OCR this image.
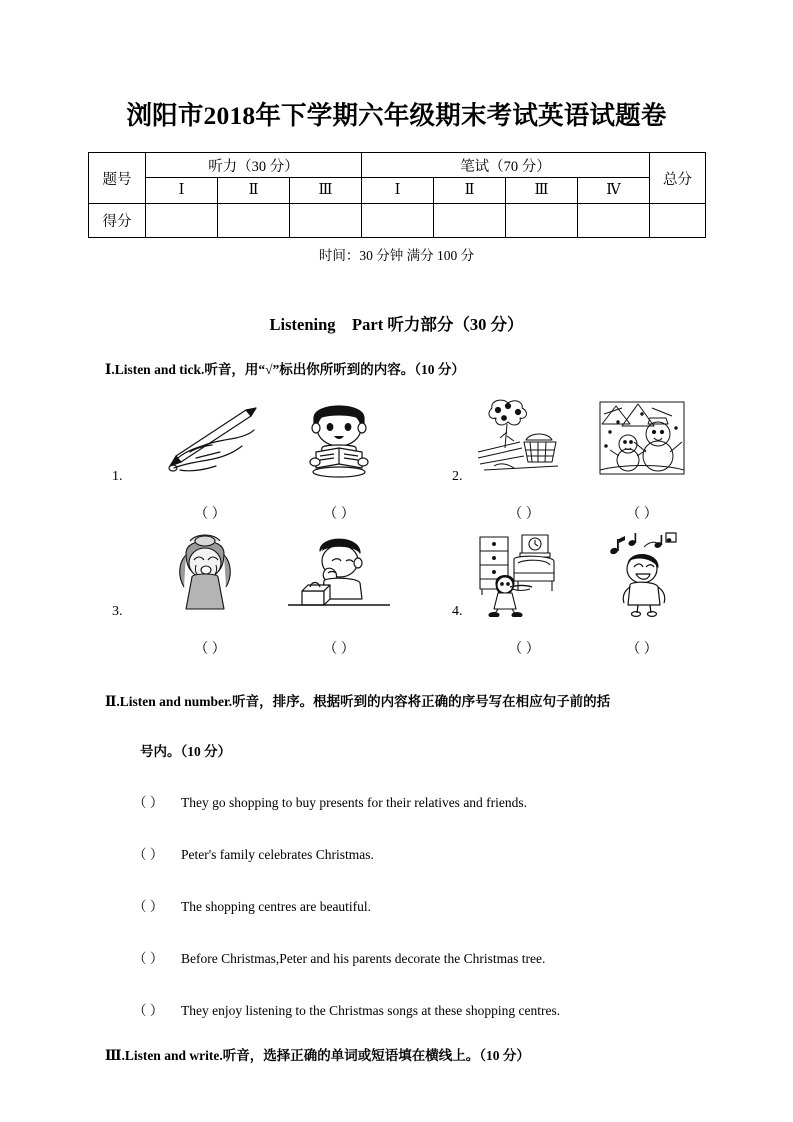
浏阳市2018年下学期六年级期末考试英语试题卷
题号	听力（30 分）			笔试（70 分）				总分
	Ⅰ	Ⅱ	Ⅲ	Ⅰ	Ⅱ	Ⅲ	Ⅳ	
得分								
时间：30 分钟 满分 100 分
Listening　Part 听力部分（30 分）
Ⅰ.Listen and tick.听音，用“√”标出你所听到的内容。（10 分）
1.
（ ）	（ ）
2.
（ ）	（ ）
3.
（ ）	（ ）
4.
（ ）	（ ）
Ⅱ.Listen and number.听音，排序。根据听到的内容将正确的序号写在相应句子前的括
号内。（10 分）
（ ） They go shopping to buy presents for their relatives and friends.
（ ） Peter's family celebrates Christmas.
（ ） The shopping centres are beautiful.
（ ） Before Christmas,Peter and his parents decorate the Christmas tree.
（ ） They enjoy listening to the Christmas songs at these shopping centres.
Ⅲ.Listen and write.听音，选择正确的单词或短语填在横线上。（10 分）
